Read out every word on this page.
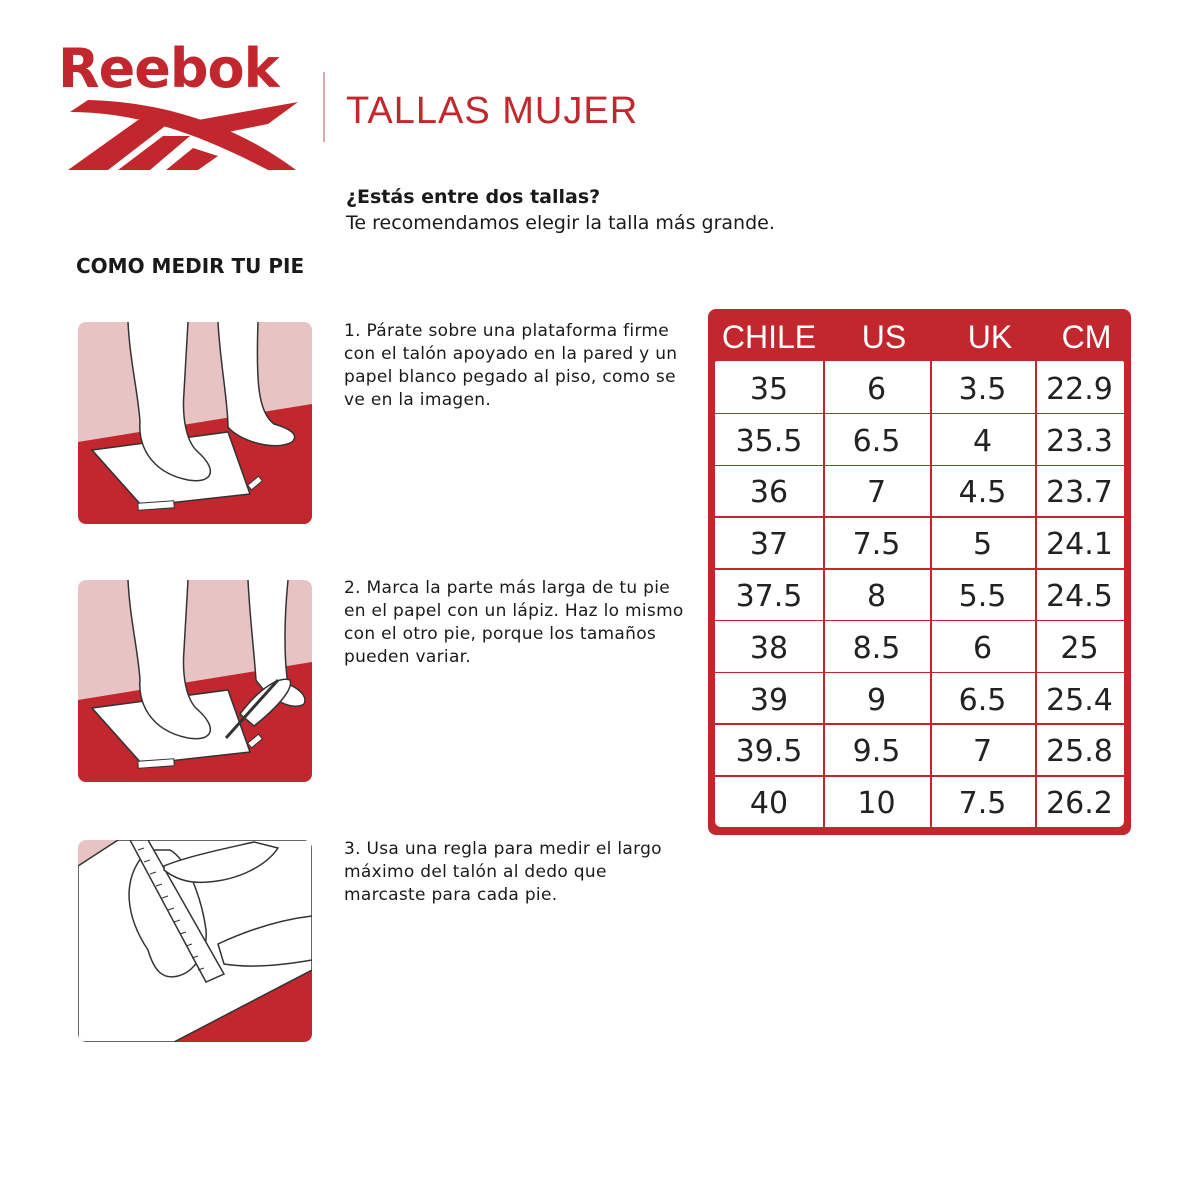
Reebok
TALLAS MUJER
¿Estás entre dos tallas?
Te recomendamos elegir la talla más grande.
COMO MEDIR TU PIE
1. Párate sobre una plataforma firme con el talón apoyado en la pared y un papel blanco pegado al piso, como se ve en la imagen.
2. Marca la parte más larga de tu pie en el papel con un lápiz. Haz lo mismo con el otro pie, porque los tamaños pueden variar.
3. Usa una regla para medir el largo máximo del talón al dedo que marcaste para cada pie.
CHILE	US	UK	CM
35	6	3.5	22.9
35.5	6.5	4	23.3
36	7	4.5	23.7
37	7.5	5	24.1
37.5	8	5.5	24.5
38	8.5	6	25
39	9	6.5	25.4
39.5	9.5	7	25.8
40	10	7.5	26.2
